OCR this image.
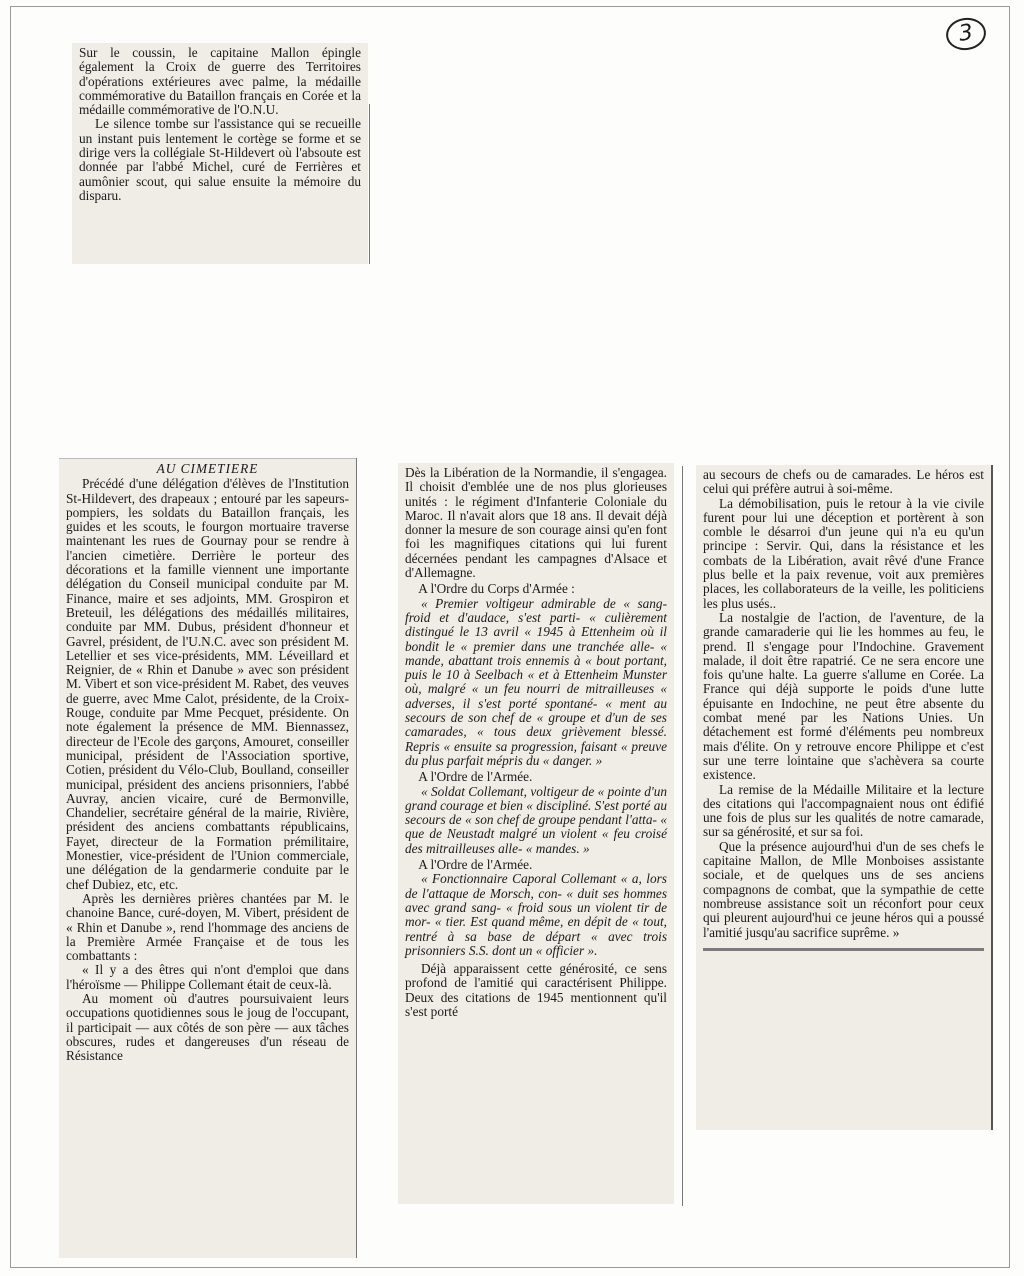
3

Sur le coussin, le capitaine Mallon épingle également la Croix de guerre des Territoires d'opérations extérieures avec palme, la médaille commémorative du Bataillon français en Corée et la médaille commémorative de l'O.N.U.

Le silence tombe sur l'assistance qui se recueille un instant puis lentement le cortège se forme et se dirige vers la collégiale St-Hildevert où l'absoute est donnée par l'abbé Michel, curé de Ferrières et aumônier scout, qui salue ensuite la mémoire du disparu.

AU CIMETIERE

Précédé d'une délégation d'élèves de l'Institution St-Hildevert, des drapeaux ; entouré par les sapeurs-pompiers, les soldats du Bataillon français, les guides et les scouts, le fourgon mortuaire traverse maintenant les rues de Gournay pour se rendre à l'ancien cimetière. Derrière le porteur des décorations et la famille viennent une importante délégation du Conseil municipal conduite par M. Finance, maire et ses adjoints, MM. Grospiron et Breteuil, les délégations des médaillés militaires, conduite par MM. Dubus, président d'honneur et Gavrel, président, de l'U.N.C. avec son président M. Letellier et ses vice-présidents, MM. Léveillard et Reignier, de « Rhin et Danube » avec son président M. Vibert et son vice-président M. Rabet, des veuves de guerre, avec Mme Calot, présidente, de la Croix-Rouge, conduite par Mme Pecquet, présidente. On note également la présence de MM. Biennassez, directeur de l'Ecole des garçons, Amouret, conseiller municipal, président de l'Association sportive, Cotien, président du Vélo-Club, Boulland, conseiller municipal, président des anciens prisonniers, l'abbé Auvray, ancien vicaire, curé de Bermonville, Chandelier, secrétaire général de la mairie, Rivière, président des anciens combattants républicains, Fayet, directeur de la Formation prémilitaire, Monestier, vice-président de l'Union commerciale, une délégation de la gendarmerie conduite par le chef Dubiez, etc, etc.

Après les dernières prières chantées par M. le chanoine Bance, curé-doyen, M. Vibert, président de « Rhin et Danube », rend l'hommage des anciens de la Première Armée Française et de tous les combattants :

« Il y a des êtres qui n'ont d'emploi que dans l'héroïsme — Philippe Collemant était de ceux-là.

Au moment où d'autres poursuivaient leurs occupations quotidiennes sous le joug de l'occupant, il participait — aux côtés de son père — aux tâches obscures, rudes et dangereuses d'un réseau de Résistance

Dès la Libération de la Normandie, il s'engagea. Il choisit d'emblée une de nos plus glorieuses unités : le régiment d'Infanterie Coloniale du Maroc. Il n'avait alors que 18 ans. Il devait déjà donner la mesure de son courage ainsi qu'en font foi les magnifiques citations qui lui furent décernées pendant les campagnes d'Alsace et d'Allemagne.

A l'Ordre du Corps d'Armée :

« Premier voltigeur admirable de « sang-froid et d'audace, s'est parti- « culièrement distingué le 13 avril « 1945 à Ettenheim où il bondit le « premier dans une tranchée alle- « mande, abattant trois ennemis à « bout portant, puis le 10 à Seelbach « et à Ettenheim Munster où, malgré « un feu nourri de mitrailleuses « adverses, il s'est porté spontané- « ment au secours de son chef de « groupe et d'un de ses camarades, « tous deux grièvement blessé. Repris « ensuite sa progression, faisant « preuve du plus parfait mépris du « danger. »

A l'Ordre de l'Armée.

« Soldat Collemant, voltigeur de « pointe d'un grand courage et bien « discipliné. S'est porté au secours de « son chef de groupe pendant l'atta- « que de Neustadt malgré un violent « feu croisé des mitrailleuses alle- « mandes. »

A l'Ordre de l'Armée.

« Fonctionnaire Caporal Collemant « a, lors de l'attaque de Morsch, con- « duit ses hommes avec grand sang- « froid sous un violent tir de mor- « tier. Est quand même, en dépit de « tout, rentré à sa base de départ « avec trois prisonniers S.S. dont un « officier ».

Déjà apparaissent cette générosité, ce sens profond de l'amitié qui caractérisent Philippe. Deux des citations de 1945 mentionnent qu'il s'est porté

au secours de chefs ou de camarades. Le héros est celui qui préfère autrui à soi-même.

La démobilisation, puis le retour à la vie civile furent pour lui une déception et portèrent à son comble le désarroi d'un jeune qui n'a eu qu'un principe : Servir. Qui, dans la résistance et les combats de la Libération, avait rêvé d'une France plus belle et la paix revenue, voit aux premières places, les collaborateurs de la veille, les politiciens les plus usés..

La nostalgie de l'action, de l'aventure, de la grande camaraderie qui lie les hommes au feu, le prend. Il s'engage pour l'Indochine. Gravement malade, il doit être rapatrié. Ce ne sera encore une fois qu'une halte. La guerre s'allume en Corée. La France qui déjà supporte le poids d'une lutte épuisante en Indochine, ne peut être absente du combat mené par les Nations Unies. Un détachement est formé d'éléments peu nombreux mais d'élite. On y retrouve encore Philippe et c'est sur une terre lointaine que s'achèvera sa courte existence.

La remise de la Médaille Militaire et la lecture des citations qui l'accompagnaient nous ont édifié une fois de plus sur les qualités de notre camarade, sur sa générosité, et sur sa foi.

Que la présence aujourd'hui d'un de ses chefs le capitaine Mallon, de Mlle Monboises assistante sociale, et de quelques uns de ses anciens compagnons de combat, que la sympathie de cette nombreuse assistance soit un réconfort pour ceux qui pleurent aujourd'hui ce jeune héros qui a poussé l'amitié jusqu'au sacrifice suprême. »
